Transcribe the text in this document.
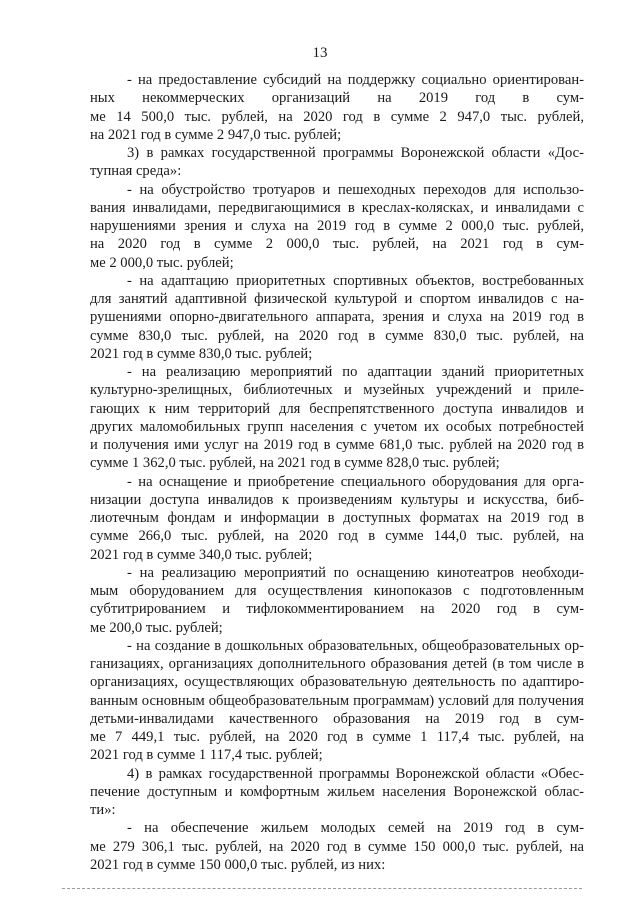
13
- на предоставление субсидий на поддержку социально ориентирован-
ных некоммерческих организаций на 2019 год в сум-
ме 14 500,0 тыс. рублей, на 2020 год в сумме 2 947,0 тыс. рублей,
на 2021 год в сумме 2 947,0 тыс. рублей;
3) в рамках государственной программы Воронежской области «Дос-
тупная среда»:
- на обустройство тротуаров и пешеходных переходов для использо-
вания инвалидами, передвигающимися в креслах-колясках, и инвалидами с
нарушениями зрения и слуха на 2019 год в сумме 2 000,0 тыс. рублей,
на 2020 год в сумме 2 000,0 тыс. рублей, на 2021 год в сум-
ме 2 000,0 тыс. рублей;
- на адаптацию приоритетных спортивных объектов, востребованных
для занятий адаптивной физической культурой и спортом инвалидов с на-
рушениями опорно-двигательного аппарата, зрения и слуха на 2019 год в
сумме 830,0 тыс. рублей, на 2020 год в сумме 830,0 тыс. рублей, на
2021 год в сумме 830,0 тыс. рублей;
- на реализацию мероприятий по адаптации зданий приоритетных
культурно-зрелищных, библиотечных и музейных учреждений и приле-
гающих к ним территорий для беспрепятственного доступа инвалидов и
других маломобильных групп населения с учетом их особых потребностей
и получения ими услуг на 2019 год в сумме 681,0 тыс. рублей на 2020 год в
сумме 1 362,0 тыс. рублей, на 2021 год в сумме 828,0 тыс. рублей;
- на оснащение и приобретение специального оборудования для орга-
низации доступа инвалидов к произведениям культуры и искусства, биб-
лиотечным фондам и информации в доступных форматах на 2019 год в
сумме 266,0 тыс. рублей, на 2020 год в сумме 144,0 тыс. рублей, на
2021 год в сумме 340,0 тыс. рублей;
- на реализацию мероприятий по оснащению кинотеатров необходи-
мым оборудованием для осуществления кинопоказов с подготовленным
субтитрированием и тифлокомментированием на 2020 год в сум-
ме 200,0 тыс. рублей;
- на создание в дошкольных образовательных, общеобразовательных ор-
ганизациях, организациях дополнительного образования детей (в том числе в
организациях, осуществляющих образовательную деятельность по адаптиро-
ванным основным общеобразовательным программам) условий для получения
детьми-инвалидами качественного образования на 2019 год в сум-
ме 7 449,1 тыс. рублей, на 2020 год в сумме 1 117,4 тыс. рублей, на
2021 год в сумме 1 117,4 тыс. рублей;
4) в рамках государственной программы Воронежской области «Обес-
печение доступным и комфортным жильем населения Воронежской облас-
ти»:
- на обеспечение жильем молодых семей на 2019 год в сум-
ме 279 306,1 тыс. рублей, на 2020 год в сумме 150 000,0 тыс. рублей, на
2021 год в сумме 150 000,0 тыс. рублей, из них:
